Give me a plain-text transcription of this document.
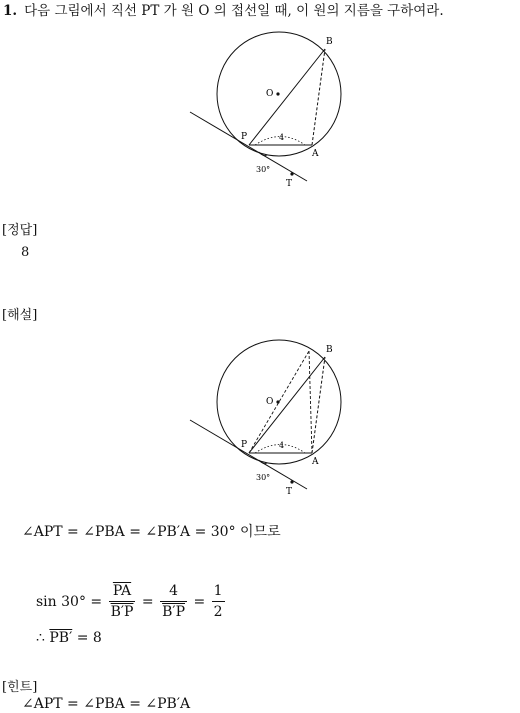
1. 다음 그림에서 직선 PT 가 원 O 의 접선일 때, 이 원의 지름을 구하여라.
B
O
P
A
4
30°
T
[정답]
8
[해설]
B
O
P
A
4
30°
T
∠APT = ∠PBA = ∠PB′A = 30° 이므로
$\sin 30^\circ = \frac{\overline{PA}}{B'P} = \frac{4}{B'P} = \frac{1}{2}$
∴ PB′ = 8
[힌트]
∠APT = ∠PBA = ∠PB′A
